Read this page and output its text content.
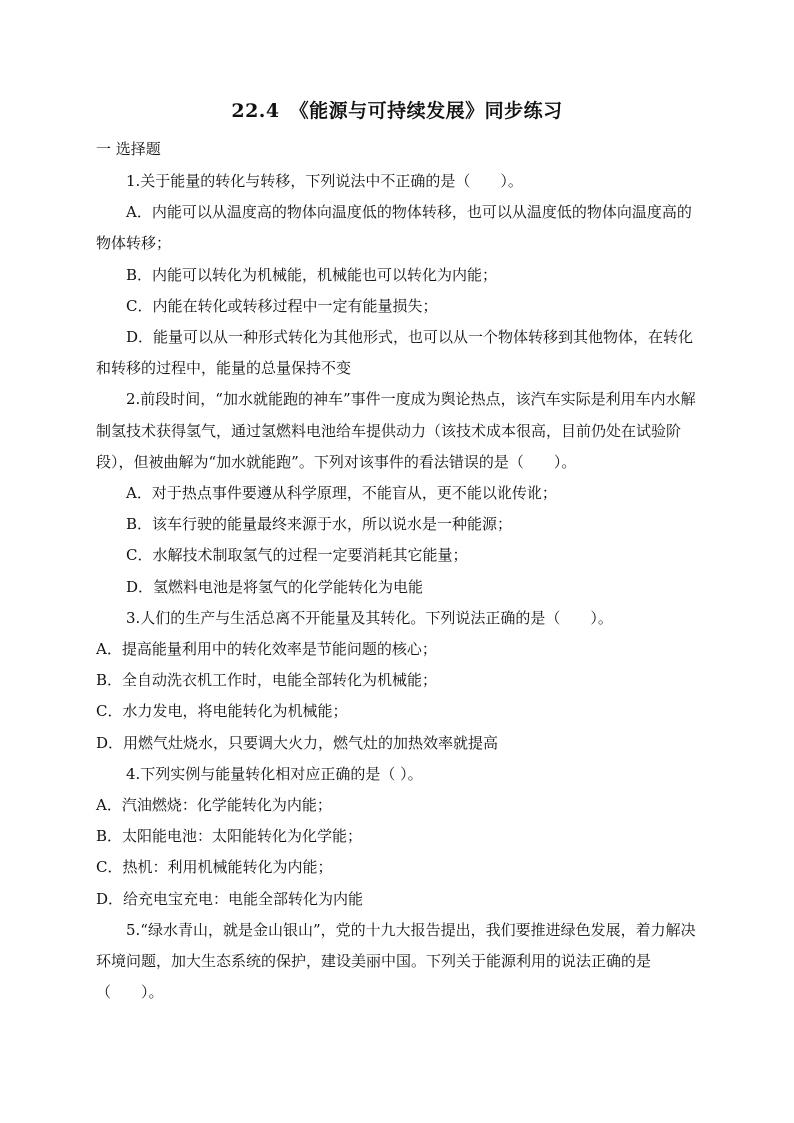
22.4　《能源与可持续发展》同步练习
一 选择题

1.关于能量的转化与转移，下列说法中不正确的是（　　）。

A．内能可以从温度高的物体向温度低的物体转移，也可以从温度低的物体向温度高的物体转移；

B．内能可以转化为机械能，机械能也可以转化为内能；

C．内能在转化或转移过程中一定有能量损失；

D．能量可以从一种形式转化为其他形式，也可以从一个物体转移到其他物体，在转化和转移的过程中，能量的总量保持不变

2.前段时间，“加水就能跑的神车”事件一度成为舆论热点，该汽车实际是利用车内水解制氢技术获得氢气，通过氢燃料电池给车提供动力（该技术成本很高，目前仍处在试验阶段），但被曲解为“加水就能跑”。下列对该事件的看法错误的是（　　）。

A．对于热点事件要遵从科学原理，不能盲从，更不能以讹传讹；

B．该车行驶的能量最终来源于水，所以说水是一种能源；

C．水解技术制取氢气的过程一定要消耗其它能量；

D．氢燃料电池是将氢气的化学能转化为电能

3.人们的生产与生活总离不开能量及其转化。下列说法正确的是（　　）。

A．提高能量利用中的转化效率是节能问题的核心；

B．全自动洗衣机工作时，电能全部转化为机械能；

C．水力发电，将电能转化为机械能；

D．用燃气灶烧水，只要调大火力，燃气灶的加热效率就提高

4.下列实例与能量转化相对应正确的是（ ）。

A．汽油燃烧：化学能转化为内能；

B．太阳能电池：太阳能转化为化学能；

C．热机：利用机械能转化为内能；

D．给充电宝充电：电能全部转化为内能

5.“绿水青山，就是金山银山”，党的十九大报告提出，我们要推进绿色发展，着力解决环境问题，加大生态系统的保护，建设美丽中国。下列关于能源利用的说法正确的是（　　）。
